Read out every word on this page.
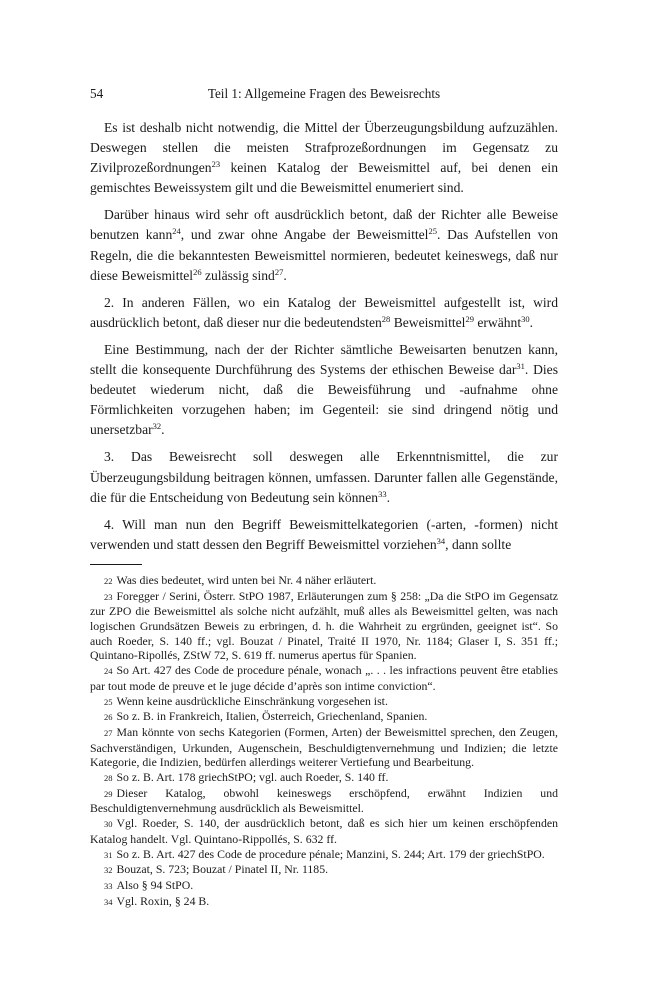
54	Teil 1: Allgemeine Fragen des Beweisrechts

Es ist deshalb nicht notwendig, die Mittel der Überzeugungsbildung aufzuzählen. Deswegen stellen die meisten Strafprozeßordnungen im Gegensatz zu Zivilprozeßordnungen$^{23}$ keinen Katalog der Beweismittel auf, bei denen ein gemischtes Beweissystem gilt und die Beweismittel enumeriert sind.

Darüber hinaus wird sehr oft ausdrücklich betont, daß der Richter alle Beweise benutzen kann$^{24}$, und zwar ohne Angabe der Beweismittel$^{25}$. Das Aufstellen von Regeln, die die bekanntesten Beweismittel normieren, bedeutet keineswegs, daß nur diese Beweismittel$^{26}$ zulässig sind$^{27}$.

2. In anderen Fällen, wo ein Katalog der Beweismittel aufgestellt ist, wird ausdrücklich betont, daß dieser nur die bedeutendsten$^{28}$ Beweismittel$^{29}$ erwähnt$^{30}$.

Eine Bestimmung, nach der der Richter sämtliche Beweisarten benutzen kann, stellt die konsequente Durchführung des Systems der ethischen Beweise dar$^{31}$. Dies bedeutet wiederum nicht, daß die Beweisführung und -aufnahme ohne Förmlichkeiten vorzugehen haben; im Gegenteil: sie sind dringend nötig und unersetzbar$^{32}$.

3. Das Beweisrecht soll deswegen alle Erkenntnismittel, die zur Überzeugungsbildung beitragen können, umfassen. Darunter fallen alle Gegenstände, die für die Entscheidung von Bedeutung sein können$^{33}$.

4. Will man nun den Begriff Beweismittelkategorien (-arten, -formen) nicht verwenden und statt dessen den Begriff Beweismittel vorziehen$^{34}$, dann sollte

22 Was dies bedeutet, wird unten bei Nr. 4 näher erläutert.
23 Foregger / Serini, Österr. StPO 1987, Erläuterungen zum § 258: „Da die StPO im Gegensatz zur ZPO die Beweismittel als solche nicht aufzählt, muß alles als Beweismittel gelten, was nach logischen Grundsätzen Beweis zu erbringen, d. h. die Wahrheit zu ergründen, geeignet ist“. So auch Roeder, S. 140 ff.; vgl. Bouzat / Pinatel, Traité II 1970, Nr. 1184; Glaser I, S. 351 ff.; Quintano-Ripollés, ZStW 72, S. 619 ff. numerus apertus für Spanien.
24 So Art. 427 des Code de procedure pénale, wonach „. . . les infractions peuvent être etablies par tout mode de preuve et le juge décide d’après son intime conviction“.
25 Wenn keine ausdrückliche Einschränkung vorgesehen ist.
26 So z. B. in Frankreich, Italien, Österreich, Griechenland, Spanien.
27 Man könnte von sechs Kategorien (Formen, Arten) der Beweismittel sprechen, den Zeugen, Sachverständigen, Urkunden, Augenschein, Beschuldigtenvernehmung und Indizien; die letzte Kategorie, die Indizien, bedürfen allerdings weiterer Vertiefung und Bearbeitung.
28 So z. B. Art. 178 griechStPO; vgl. auch Roeder, S. 140 ff.
29 Dieser Katalog, obwohl keineswegs erschöpfend, erwähnt Indizien und Beschuldigtenvernehmung ausdrücklich als Beweismittel.
30 Vgl. Roeder, S. 140, der ausdrücklich betont, daß es sich hier um keinen erschöpfenden Katalog handelt. Vgl. Quintano-Rippollés, S. 632 ff.
31 So z. B. Art. 427 des Code de procedure pénale; Manzini, S. 244; Art. 179 der griechStPO.
32 Bouzat, S. 723; Bouzat / Pinatel II, Nr. 1185.
33 Also § 94 StPO.
34 Vgl. Roxin, § 24 B.
